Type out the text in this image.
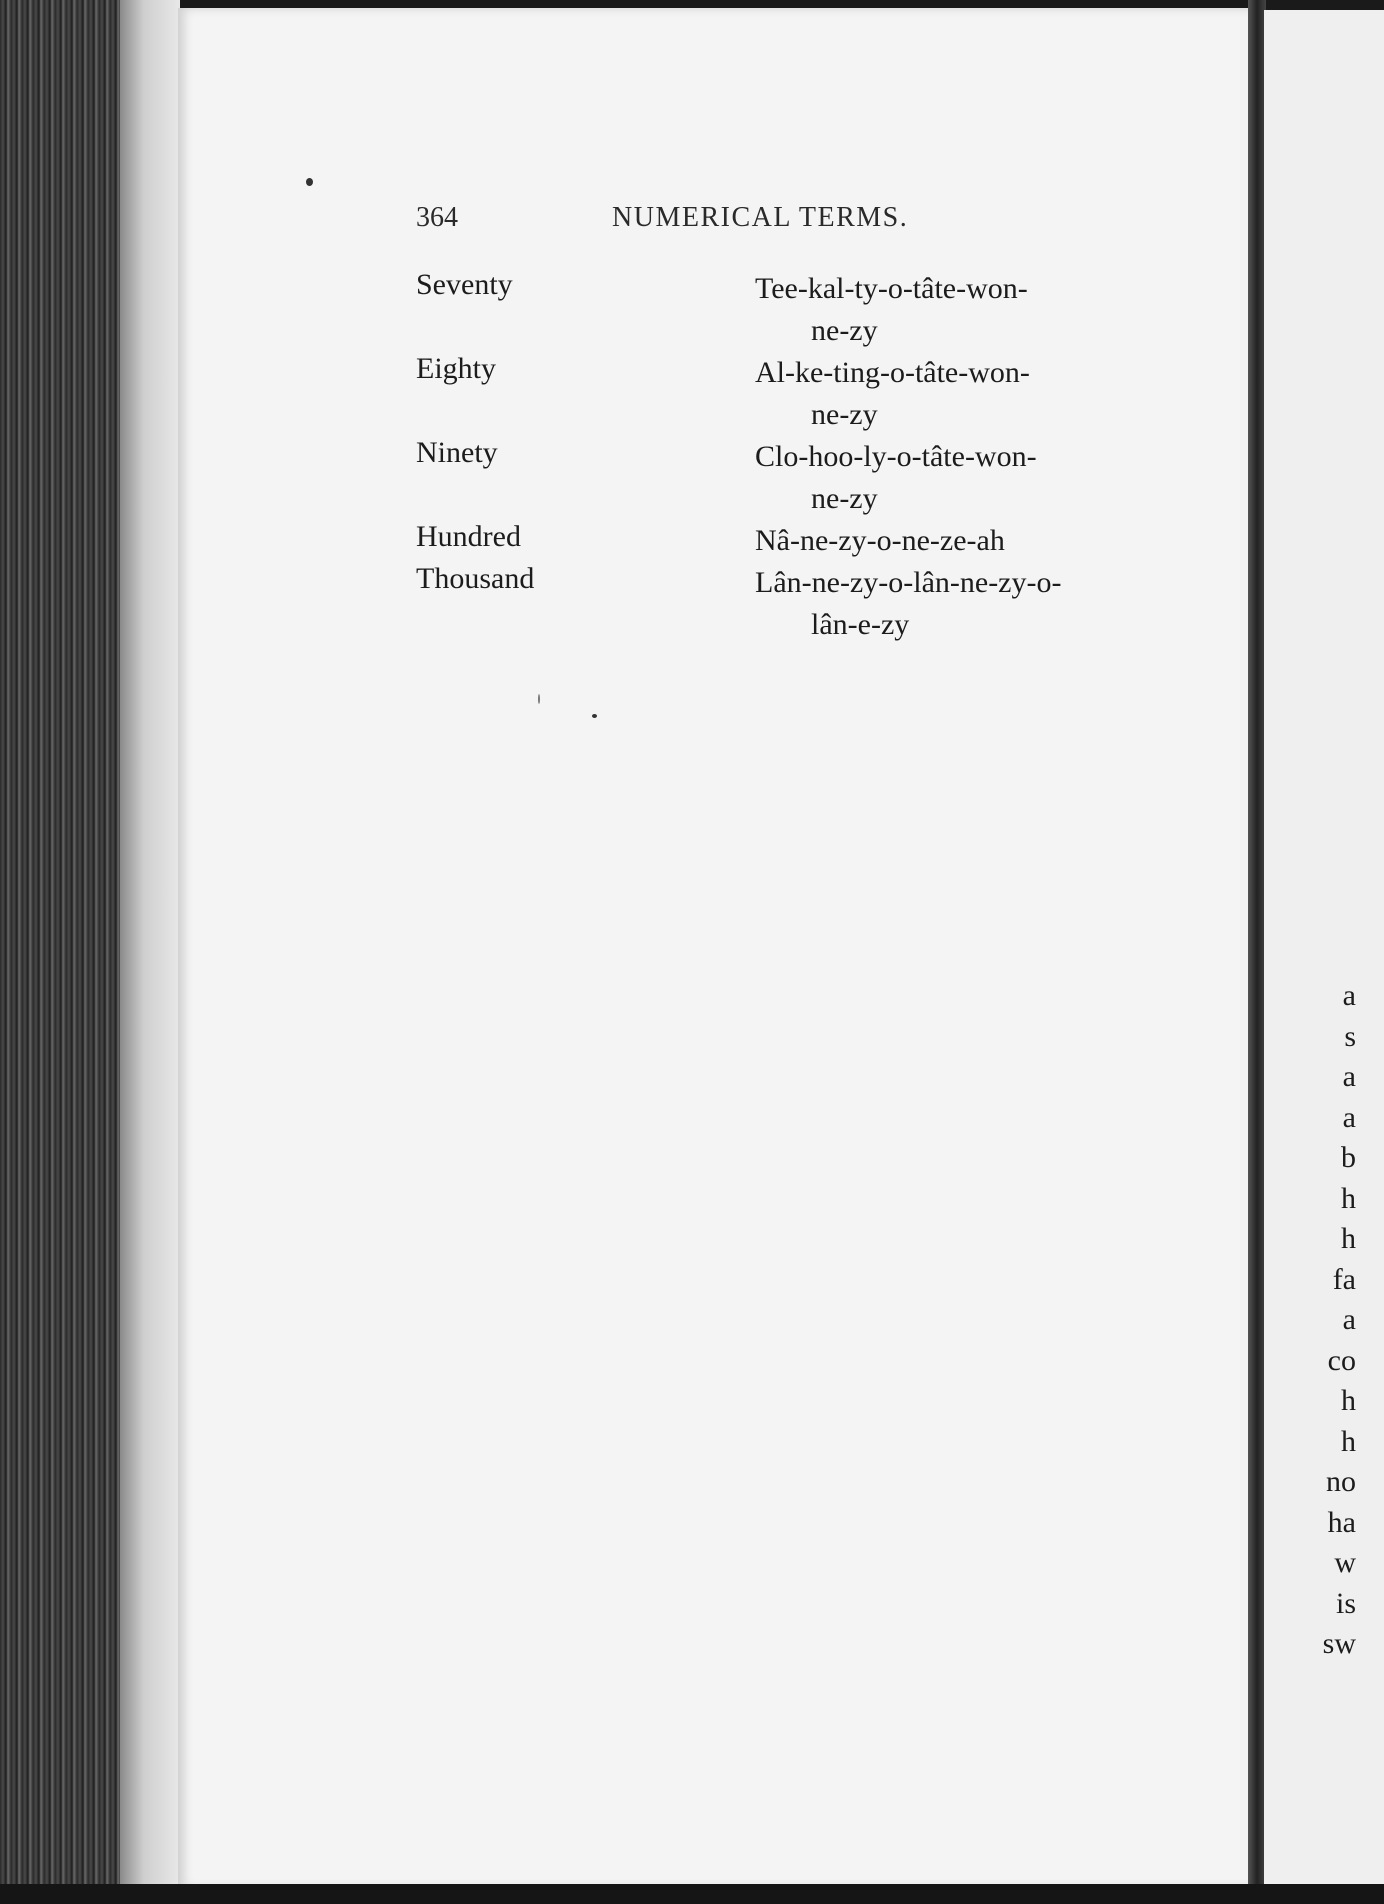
364	NUMERICAL TERMS.
Seventy	Tee-kal-ty-o-tâte-won-
ne-zy
Eighty	Al-ke-ting-o-tâte-won-
ne-zy
Ninety	Clo-hoo-ly-o-tâte-won-
ne-zy
Hundred	Nâ-ne-zy-o-ne-ze-ah
Thousand	Lân-ne-zy-o-lân-ne-zy-o-
lân-e-zy
a
s
a
a
b
h
h
fa
a
co
h
h
no
ha
w
is
sw
